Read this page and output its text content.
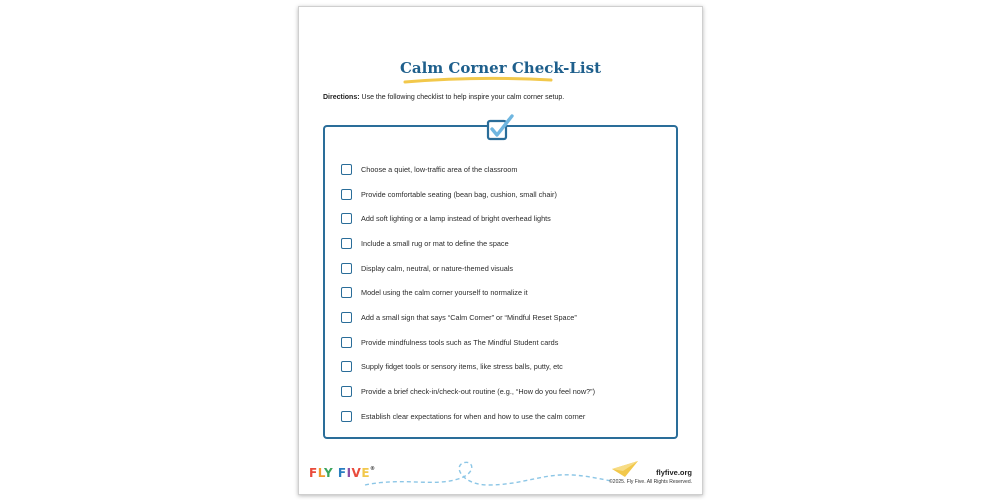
Calm Corner Check-List
Directions: Use the following checklist to help inspire your calm corner setup.
Choose a quiet, low-traffic area of the classroom
Provide comfortable seating (bean bag, cushion, small chair)
Add soft lighting or a lamp instead of bright overhead lights
Include a small rug or mat to define the space
Display calm, neutral, or nature-themed visuals
Model using the calm corner yourself to normalize it
Add a small sign that says “Calm Corner” or “Mindful Reset Space”
Provide mindfulness tools such as The Mindful Student cards
Supply fidget tools or sensory items, like stress balls, putty, etc
Provide a brief check-in/check-out routine (e.g., “How do you feel now?”)
Establish clear expectations for when and how to use the calm corner
FLY FIVE®	flyfive.org
©2025. Fly Five. All Rights Reserved.
